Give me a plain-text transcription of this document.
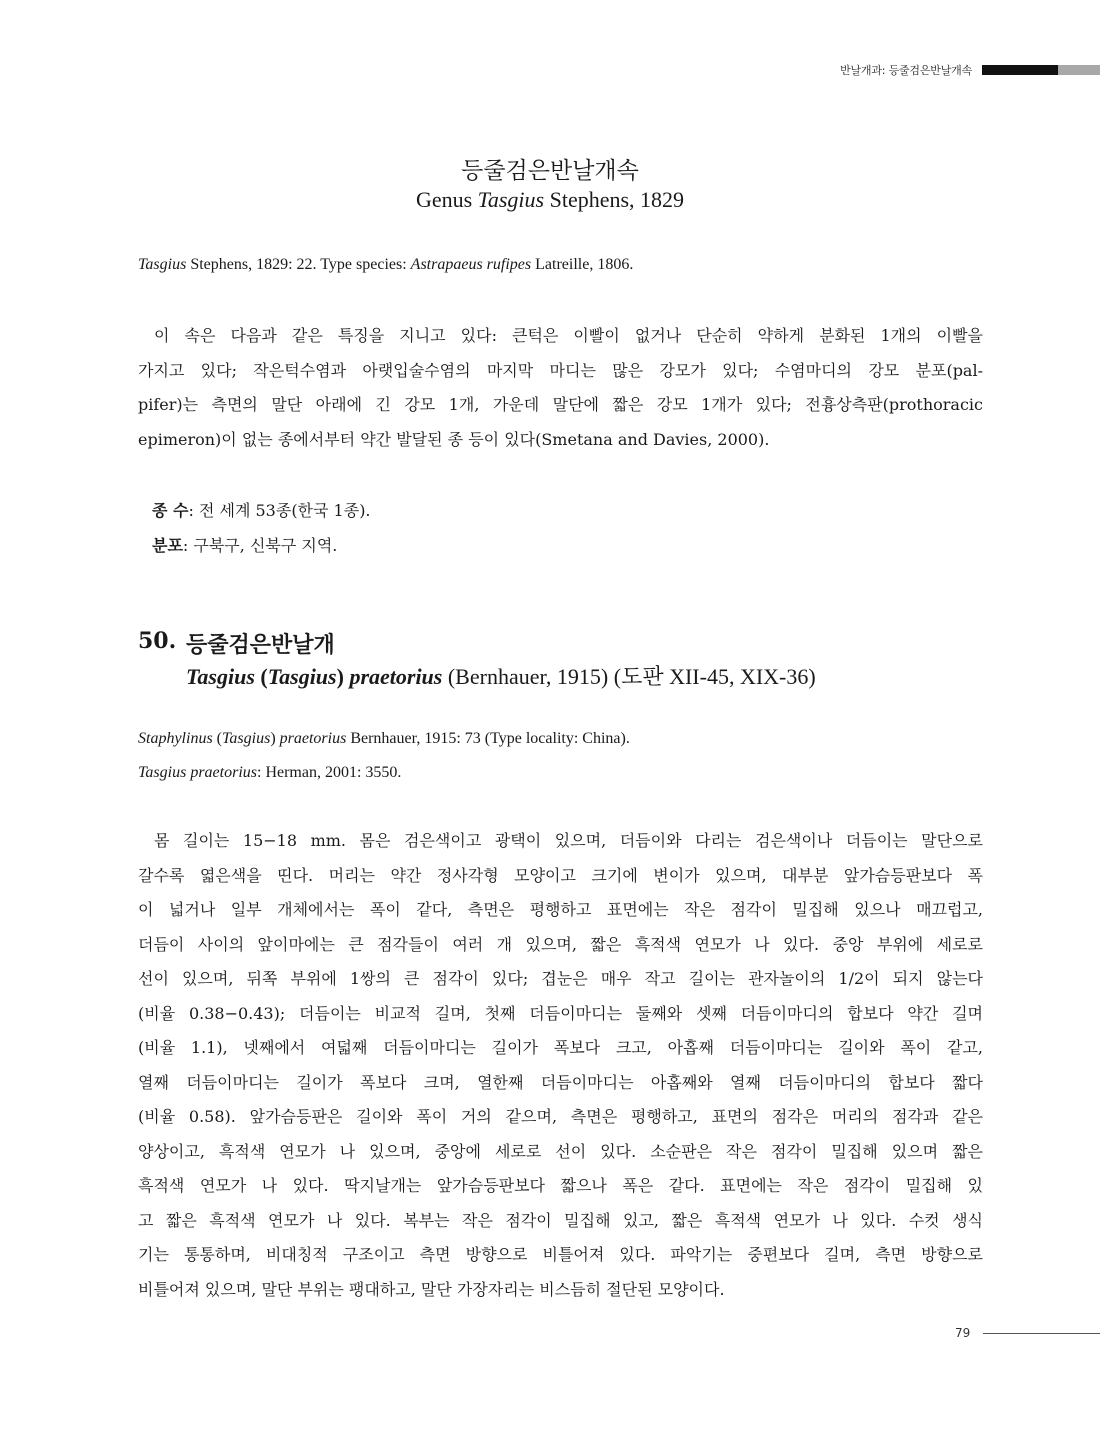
반날개과: 등줄검은반날개속
등줄검은반날개속
Genus Tasgius Stephens, 1829
Tasgius Stephens, 1829: 22. Type species: Astrapaeus rufipes Latreille, 1806.
이 속은 다음과 같은 특징을 지니고 있다: 큰턱은 이빨이 없거나 단순히 약하게 분화된 1개의 이빨을
가지고 있다; 작은턱수염과 아랫입술수염의 마지막 마디는 많은 강모가 있다; 수염마디의 강모 분포(pal-
pifer)는 측면의 말단 아래에 긴 강모 1개, 가운데 말단에 짧은 강모 1개가 있다; 전흉상측판(prothoracic
epimeron)이 없는 종에서부터 약간 발달된 종 등이 있다(Smetana and Davies, 2000).
종 수: 전 세계 53종(한국 1종).
분포: 구북구, 신북구 지역.
50. 등줄검은반날개
Tasgius (Tasgius) praetorius (Bernhauer, 1915) (도판 XII-45, XIX-36)
Staphylinus (Tasgius) praetorius Bernhauer, 1915: 73 (Type locality: China).
Tasgius praetorius: Herman, 2001: 3550.
몸 길이는 15−18 mm. 몸은 검은색이고 광택이 있으며, 더듬이와 다리는 검은색이나 더듬이는 말단으로
갈수록 엷은색을 띤다. 머리는 약간 정사각형 모양이고 크기에 변이가 있으며, 대부분 앞가슴등판보다 폭
이 넓거나 일부 개체에서는 폭이 같다, 측면은 평행하고 표면에는 작은 점각이 밀집해 있으나 매끄럽고,
더듬이 사이의 앞이마에는 큰 점각들이 여러 개 있으며, 짧은 흑적색 연모가 나 있다. 중앙 부위에 세로로
선이 있으며, 뒤쪽 부위에 1쌍의 큰 점각이 있다; 겹눈은 매우 작고 길이는 관자놀이의 1/2이 되지 않는다
(비율 0.38−0.43); 더듬이는 비교적 길며, 첫째 더듬이마디는 둘째와 셋째 더듬이마디의 합보다 약간 길며
(비율 1.1), 넷째에서 여덟째 더듬이마디는 길이가 폭보다 크고, 아홉째 더듬이마디는 길이와 폭이 같고,
열째 더듬이마디는 길이가 폭보다 크며, 열한째 더듬이마디는 아홉째와 열째 더듬이마디의 합보다 짧다
(비율 0.58). 앞가슴등판은 길이와 폭이 거의 같으며, 측면은 평행하고, 표면의 점각은 머리의 점각과 같은
양상이고, 흑적색 연모가 나 있으며, 중앙에 세로로 선이 있다. 소순판은 작은 점각이 밀집해 있으며 짧은
흑적색 연모가 나 있다. 딱지날개는 앞가슴등판보다 짧으나 폭은 같다. 표면에는 작은 점각이 밀집해 있
고 짧은 흑적색 연모가 나 있다. 복부는 작은 점각이 밀집해 있고, 짧은 흑적색 연모가 나 있다. 수컷 생식
기는 통통하며, 비대칭적 구조이고 측면 방향으로 비틀어져 있다. 파악기는 중편보다 길며, 측면 방향으로
비틀어져 있으며, 말단 부위는 팽대하고, 말단 가장자리는 비스듬히 절단된 모양이다.
79
